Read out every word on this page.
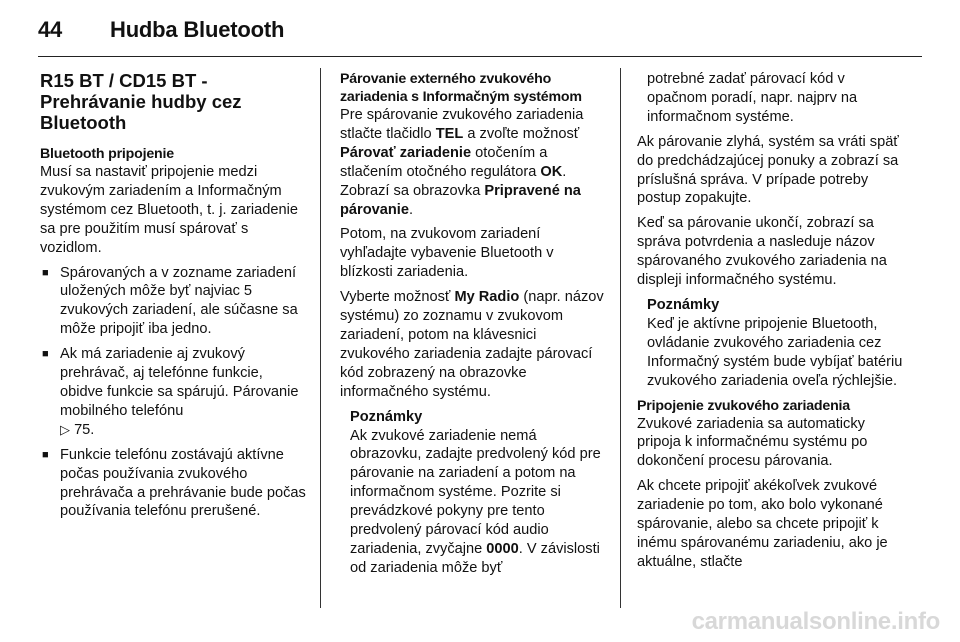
44 Hudba Bluetooth
R15 BT / CD15 BT -
Prehrávanie hudby cez
Bluetooth
Bluetooth pripojenie

Musí sa nastaviť pripojenie medzi zvukovým zariadením a Informačným systémom cez Bluetooth, t. j. zariadenie sa pre použitím musí spárovať s vozidlom.

■ Spárovaných a v zozname zariadení uložených môže byť najviac 5 zvukových zariadení, ale súčasne sa môže pripojiť iba jedno.
■ Ak má zariadenie aj zvukový prehrávač, aj telefónne funkcie, obidve funkcie sa spárujú. Párovanie mobilného telefónu
▷ 75.
■ Funkcie telefónu zostávajú aktívne počas používania zvukového prehrávača a prehrávanie bude počas používania telefónu prerušené.
Párovanie externého zvukového zariadenia s Informačným systémom

Pre spárovanie zvukového zariadenia stlačte tlačidlo TEL a zvoľte možnosť Párovať zariadenie otočením a stlačením otočného regulátora OK. Zobrazí sa obrazovka Pripravené na párovanie.

Potom, na zvukovom zariadení vyhľadajte vybavenie Bluetooth v blízkosti zariadenia.

Vyberte možnosť My Radio (napr. názov systému) zo zoznamu v zvukovom zariadení, potom na klávesnici zvukového zariadenia zadajte párovací kód zobrazený na obrazovke informačného systému.

Poznámky
Ak zvukové zariadenie nemá obrazovku, zadajte predvolený kód pre párovanie na zariadení a potom na informačnom systéme. Pozrite si prevádzkové pokyny pre tento predvolený párovací kód audio zariadenia, zvyčajne 0000. V závislosti od zariadenia môže byť
potrebné zadať párovací kód v opačnom poradí, napr. najprv na informačnom systéme.

Ak párovanie zlyhá, systém sa vráti späť do predchádzajúcej ponuky a zobrazí sa príslušná správa. V prípade potreby postup zopakujte.

Keď sa párovanie ukončí, zobrazí sa správa potvrdenia a nasleduje názov spárovaného zvukového zariadenia na displeji informačného systému.

Poznámky
Keď je aktívne pripojenie Bluetooth, ovládanie zvukového zariadenia cez Informačný systém bude vybíjať batériu zvukového zariadenia oveľa rýchlejšie.
Pripojenie zvukového zariadenia

Zvukové zariadenia sa automaticky pripoja k informačnému systému po dokončení procesu párovania.

Ak chcete pripojiť akékoľvek zvukové zariadenie po tom, ako bolo vykonané spárovanie, alebo sa chcete pripojiť k inému spárovanému zariadeniu, ako je aktuálne, stlačte

carmanualsonline.info
